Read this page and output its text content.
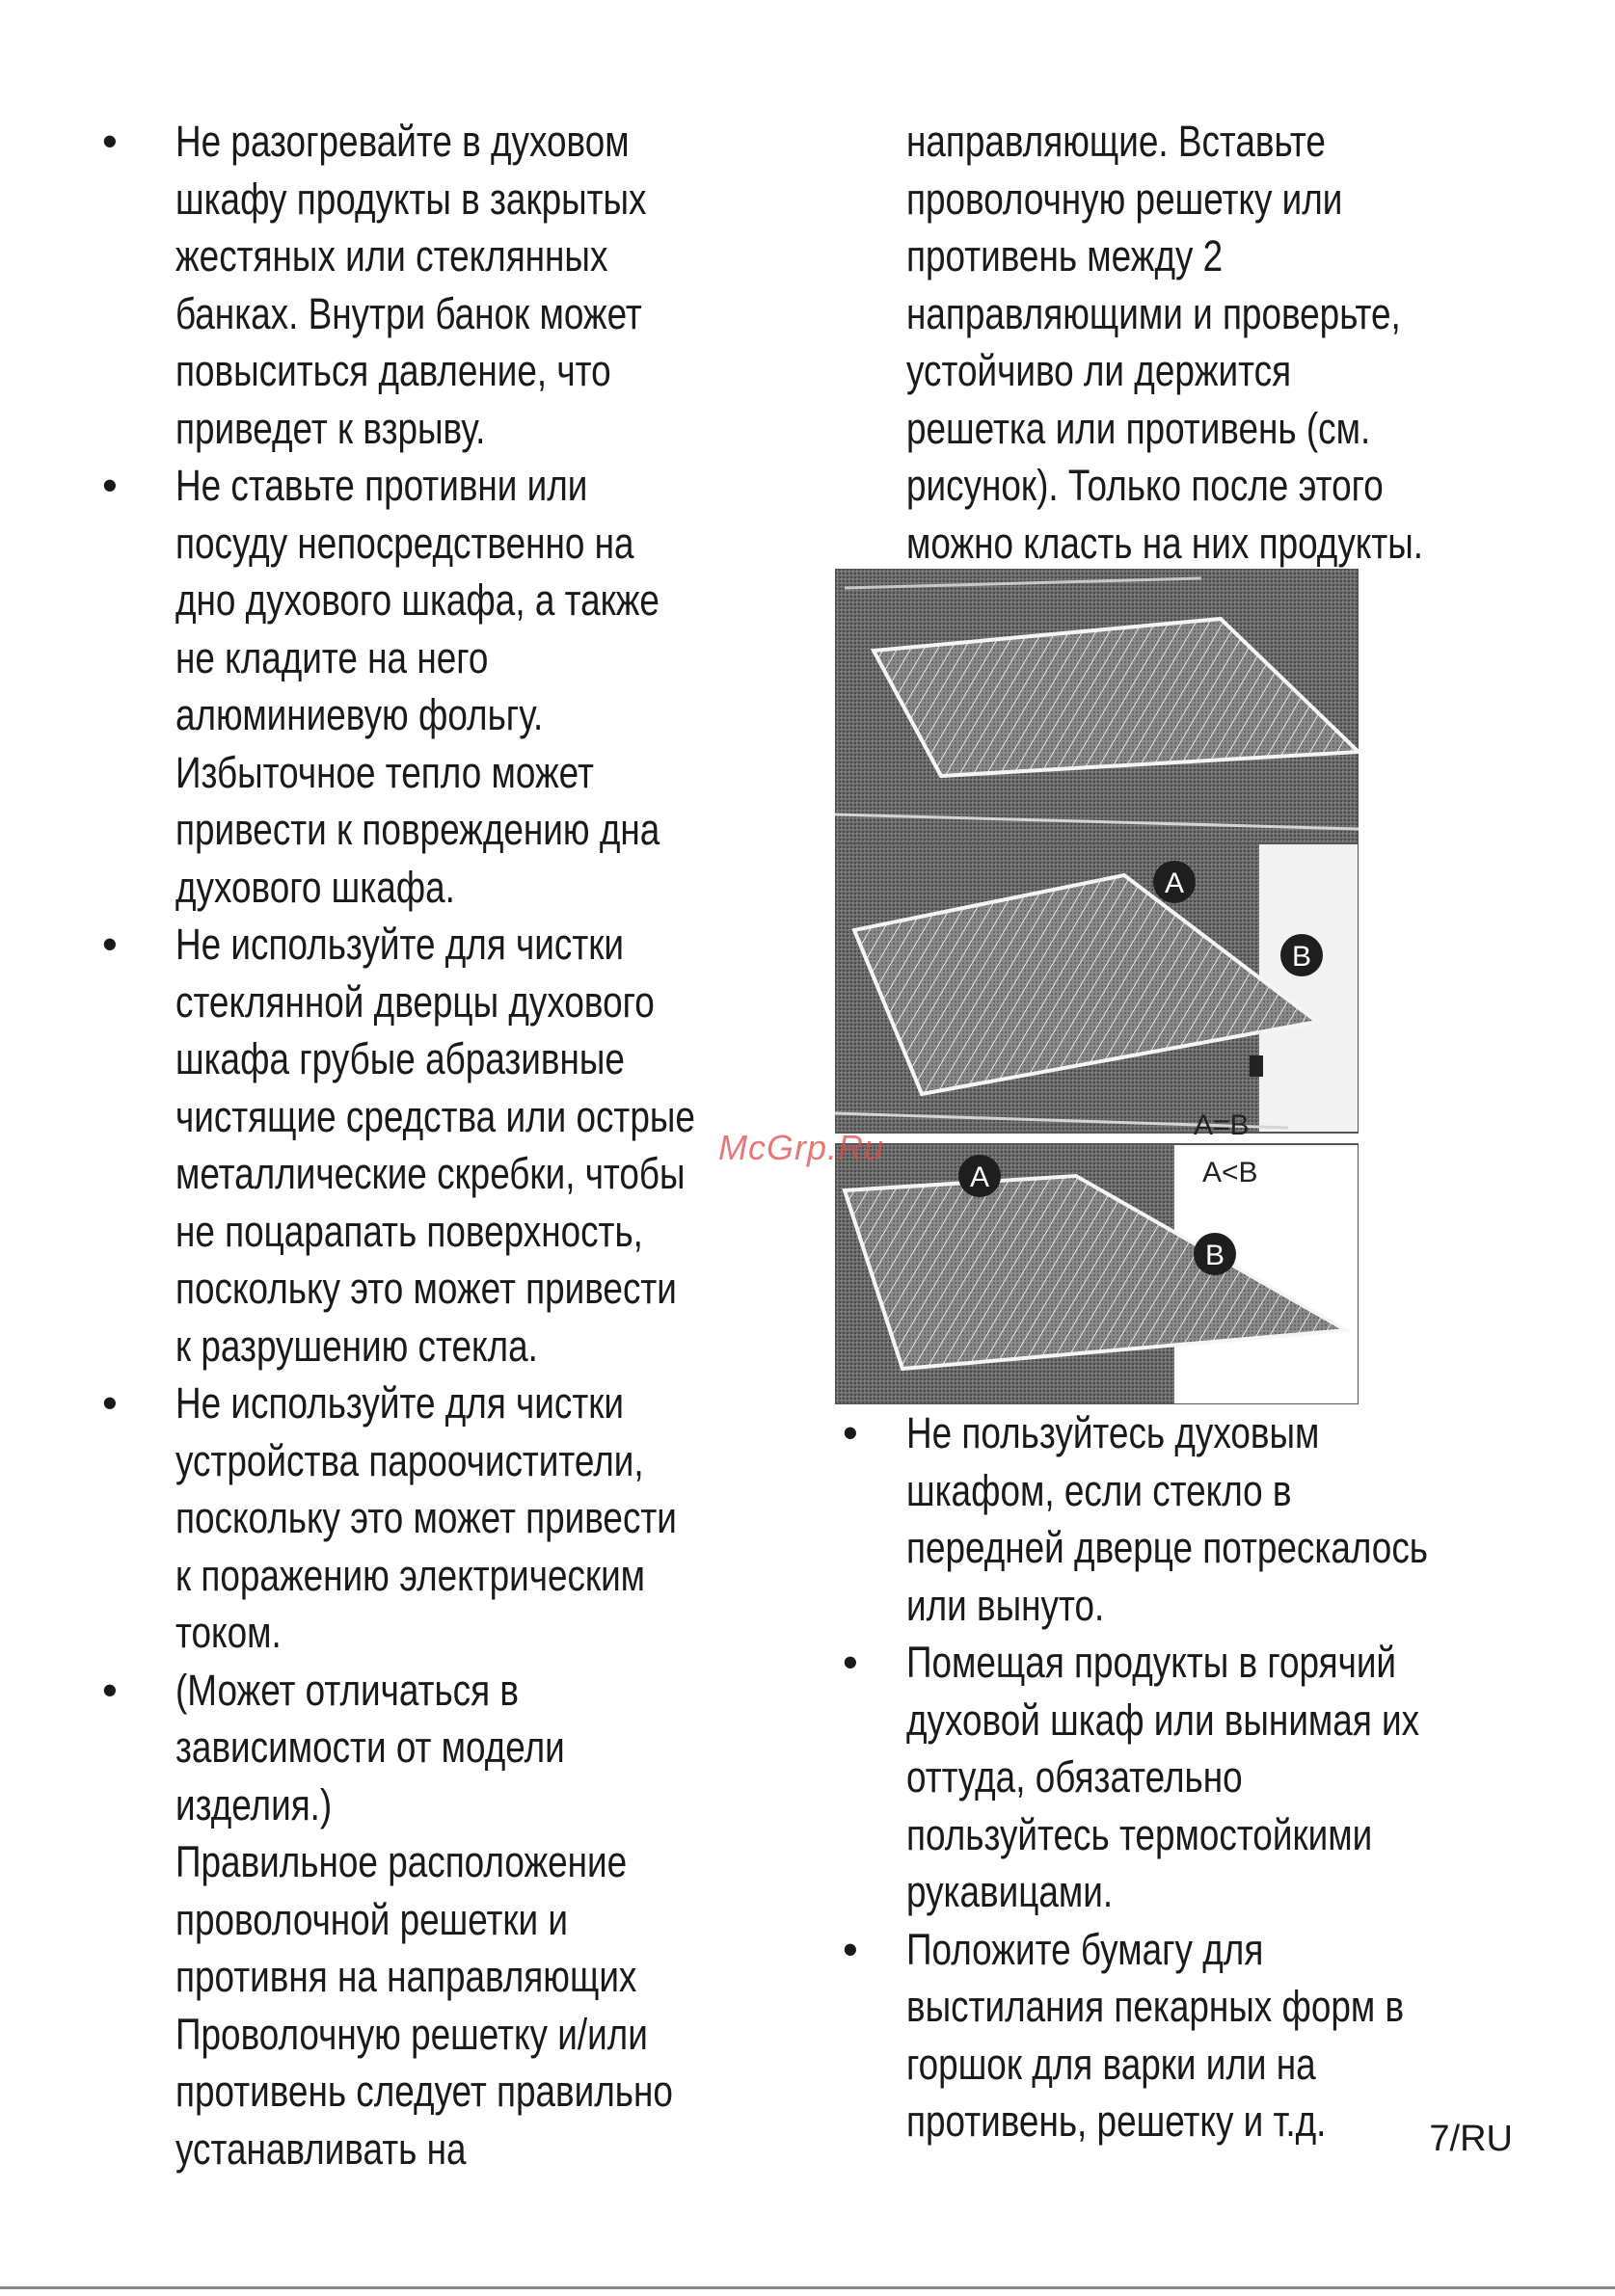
• Не разогревайте в духовом
шкафу продукты в закрытых
жестяных или стеклянных
банках. Внутри банок может
повыситься давление, что
приведет к взрыву.
• Не ставьте противни или
посуду непосредственно на
дно духового шкафа, а также
не кладите на него
алюминиевую фольгу.
Избыточное тепло может
привести к повреждению дна
духового шкафа.
• Не используйте для чистки
стеклянной дверцы духового
шкафа грубые абразивные
чистящие средства или острые
металлические скребки, чтобы
не поцарапать поверхность,
поскольку это может привести
к разрушению стекла.
• Не используйте для чистки
устройства пароочистители,
поскольку это может привести
к поражению электрическим
током.
• (Может отличаться в
зависимости от модели
изделия.)
Правильное расположение
проволочной решетки и
противня на направляющих
Проволочную решетку и/или
противень следует правильно
устанавливать на
направляющие. Вставьте
проволочную решетку или
противень между 2
направляющими и проверьте,
устойчиво ли держится
решетка или противень (см.
рисунок). Только после этого
можно класть на них продукты.
A
B
A=B
A
B
A<B
• Не пользуйтесь духовым
шкафом, если стекло в
передней дверце потрескалось
или вынуто.
• Помещая продукты в горячий
духовой шкаф или вынимая их
оттуда, обязательно
пользуйтесь термостойкими
рукавицами.
• Положите бумагу для
выстилания пекарных форм в
горшок для варки или на
противень, решетку и т.д.
McGrp.Ru
7/RU
